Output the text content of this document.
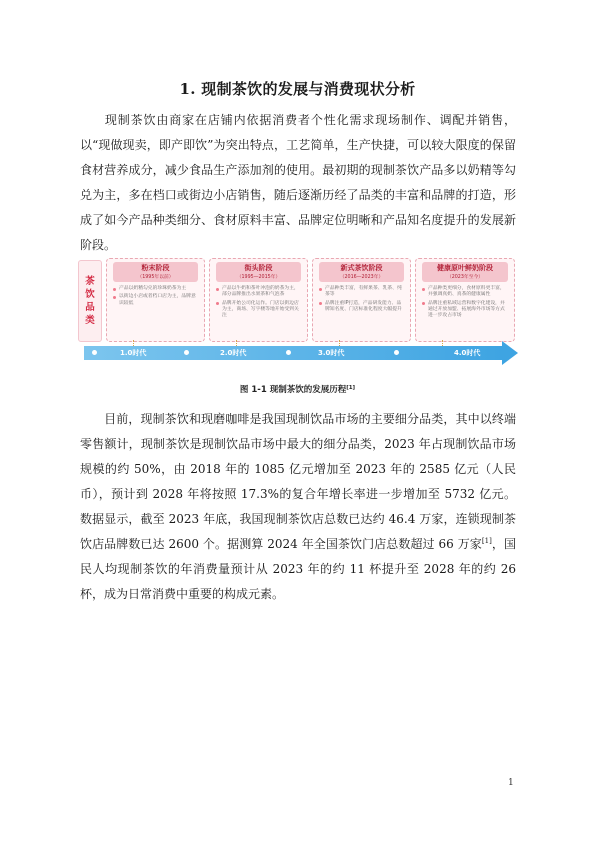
1. 现制茶饮的发展与消费现状分析

现制茶饮由商家在店铺内依据消费者个性化需求现场制作、调配并销售，以“现做现卖，即产即饮”为突出特点，工艺简单，生产快捷，可以较大限度的保留食材营养成分，减少食品生产添加剂的使用。最初期的现制茶饮产品多以奶精等勾兑为主，多在档口或街边小店销售，随后逐渐历经了品类的丰富和品牌的打造，形成了如今产品种类细分、食材原料丰富、品牌定位明晰和产品知名度提升的发展新阶段。

茶
饮
品
类
粉末阶段
（1995年以前）
产品以奶精勾兑的珍珠奶茶为主
以街边小店或者档口店为主，品牌意识较低
街头阶段
（1995—2015年）
产品以牛奶和茶叶冲泡的奶茶为主，部分品牌推出水果茶和气泡茶
品牌开始公司化运作。门店以街边店为主，商场、写字楼等地开始受到关注
新式茶饮阶段
（2016—2023年）
产品种类丰富，有鲜果茶、乳茶、纯茶等
品牌注重IP打造，产品研发能力、品牌知名度、门店标准化程度大幅提升
健康原叶鲜奶阶段
（2023年至今）
产品种类更细分，食材原料更丰富，并强调真奶、真茶的健康属性
品牌注重私域运营和数字化建设，并通过开放加盟、拓展海外市场等方式进一步攻占市场
1.0时代	2.0时代	3.0时代	4.0时代
图 1-1 现制茶饮的发展历程[1]

目前，现制茶饮和现磨咖啡是我国现制饮品市场的主要细分品类，其中以终端零售额计，现制茶饮是现制饮品市场中最大的细分品类，2023 年占现制饮品市场规模的约 50%，由 2018 年的 1085 亿元增加至 2023 年的 2585 亿元（人民币），预计到 2028 年将按照 17.3%的复合年增长率进一步增加至 5732 亿元。数据显示，截至 2023 年底，我国现制茶饮店总数已达约 46.4 万家，连锁现制茶饮店品牌数已达 2600 个。据测算 2024 年全国茶饮门店总数超过 66 万家[1]，国民人均现制茶饮的年消费量预计从 2023 年的约 11 杯提升至 2028 年的约 26 杯，成为日常消费中重要的构成元素。

1
